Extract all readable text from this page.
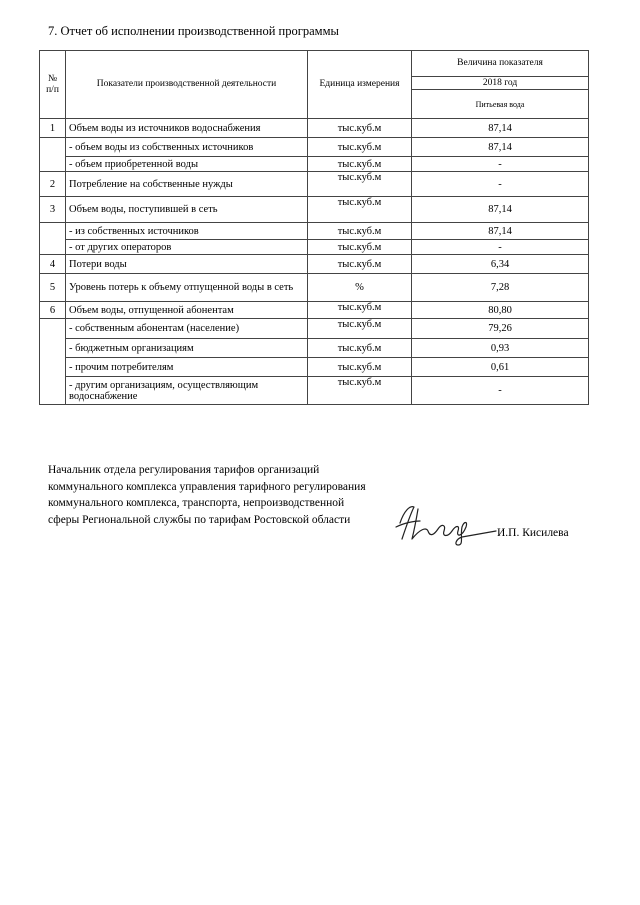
7. Отчет об исполнении производственной программы
№ п/п	Показатели производственной деятельности	Единица измерения	Величина показателя
			2018 год
			Питьевая вода
1	Объем воды из источников водоснабжения	тыс.куб.м	87,14
	- объем воды из собственных источников	тыс.куб.м	87,14
	- объем приобретенной воды	тыс.куб.м	-
2	Потребление на собственные нужды	тыс.куб.м	-
3	Объем воды, поступившей в сеть	тыс.куб.м	87,14
	- из собственных источников	тыс.куб.м	87,14
	- от других операторов	тыс.куб.м	-
4	Потери воды	тыс.куб.м	6,34
5	Уровень потерь к объему отпущенной воды в сеть	%	7,28
6	Объем воды, отпущенной абонентам	тыс.куб.м	80,80
	- собственным абонентам (население)	тыс.куб.м	79,26
	- бюджетным организациям	тыс.куб.м	0,93
	- прочим потребителям	тыс.куб.м	0,61
	- другим организациям, осуществляющим водоснабжение	тыс.куб.м	-
Начальник отдела регулирования тарифов организаций коммунального комплекса управления тарифного регулирования коммунального комплекса, транспорта, непроизводственной сферы Региональной службы по тарифам Ростовской области
И.П. Кисилева
